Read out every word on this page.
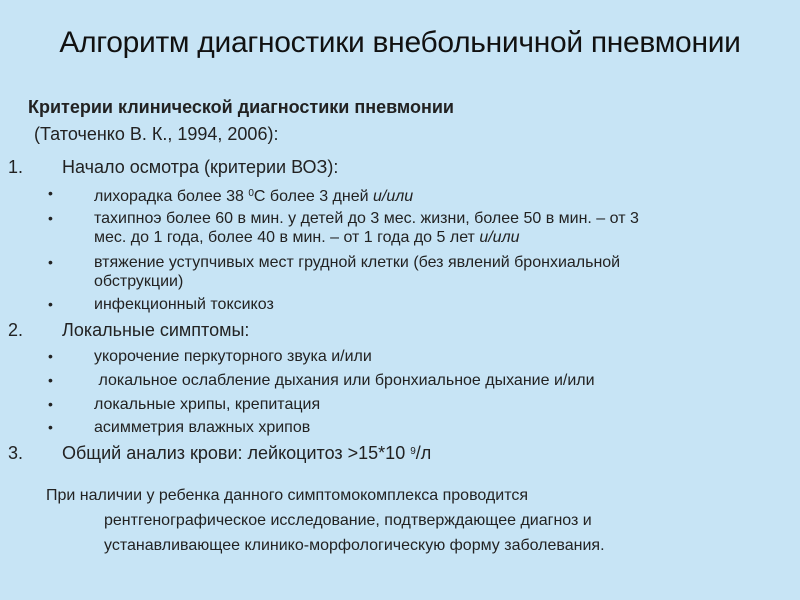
Алгоритм диагностики внебольничной пневмонии
Критерии клинической диагностики пневмонии
(Таточенко В. К., 1994, 2006):
1. Начало осмотра (критерии ВОЗ):
•	лихорадка более 38 $^0$С более 3 дней и/или
•	тахипноэ более 60 в мин. у детей до 3 мес. жизни, более 50 в мин. – от 3
мес. до 1 года, более 40 в мин. – от 1 года до 5 лет и/или
•	втяжение уступчивых мест грудной клетки (без явлений бронхиальной
обструкции)
•	инфекционный токсикоз
2. Локальные симптомы:
•	укорочение перкуторного звука и/или
•	локальное ослабление дыхания или бронхиальное дыхание и/или
•	локальные хрипы, крепитация
•	асимметрия влажных хрипов
3. Общий анализ крови: лейкоцитоз >15*10 $^9$/л
При наличии у ребенка данного симптомокомплекса проводится
рентгенографическое исследование, подтверждающее диагноз и
устанавливающее клинико-морфологическую форму заболевания.
